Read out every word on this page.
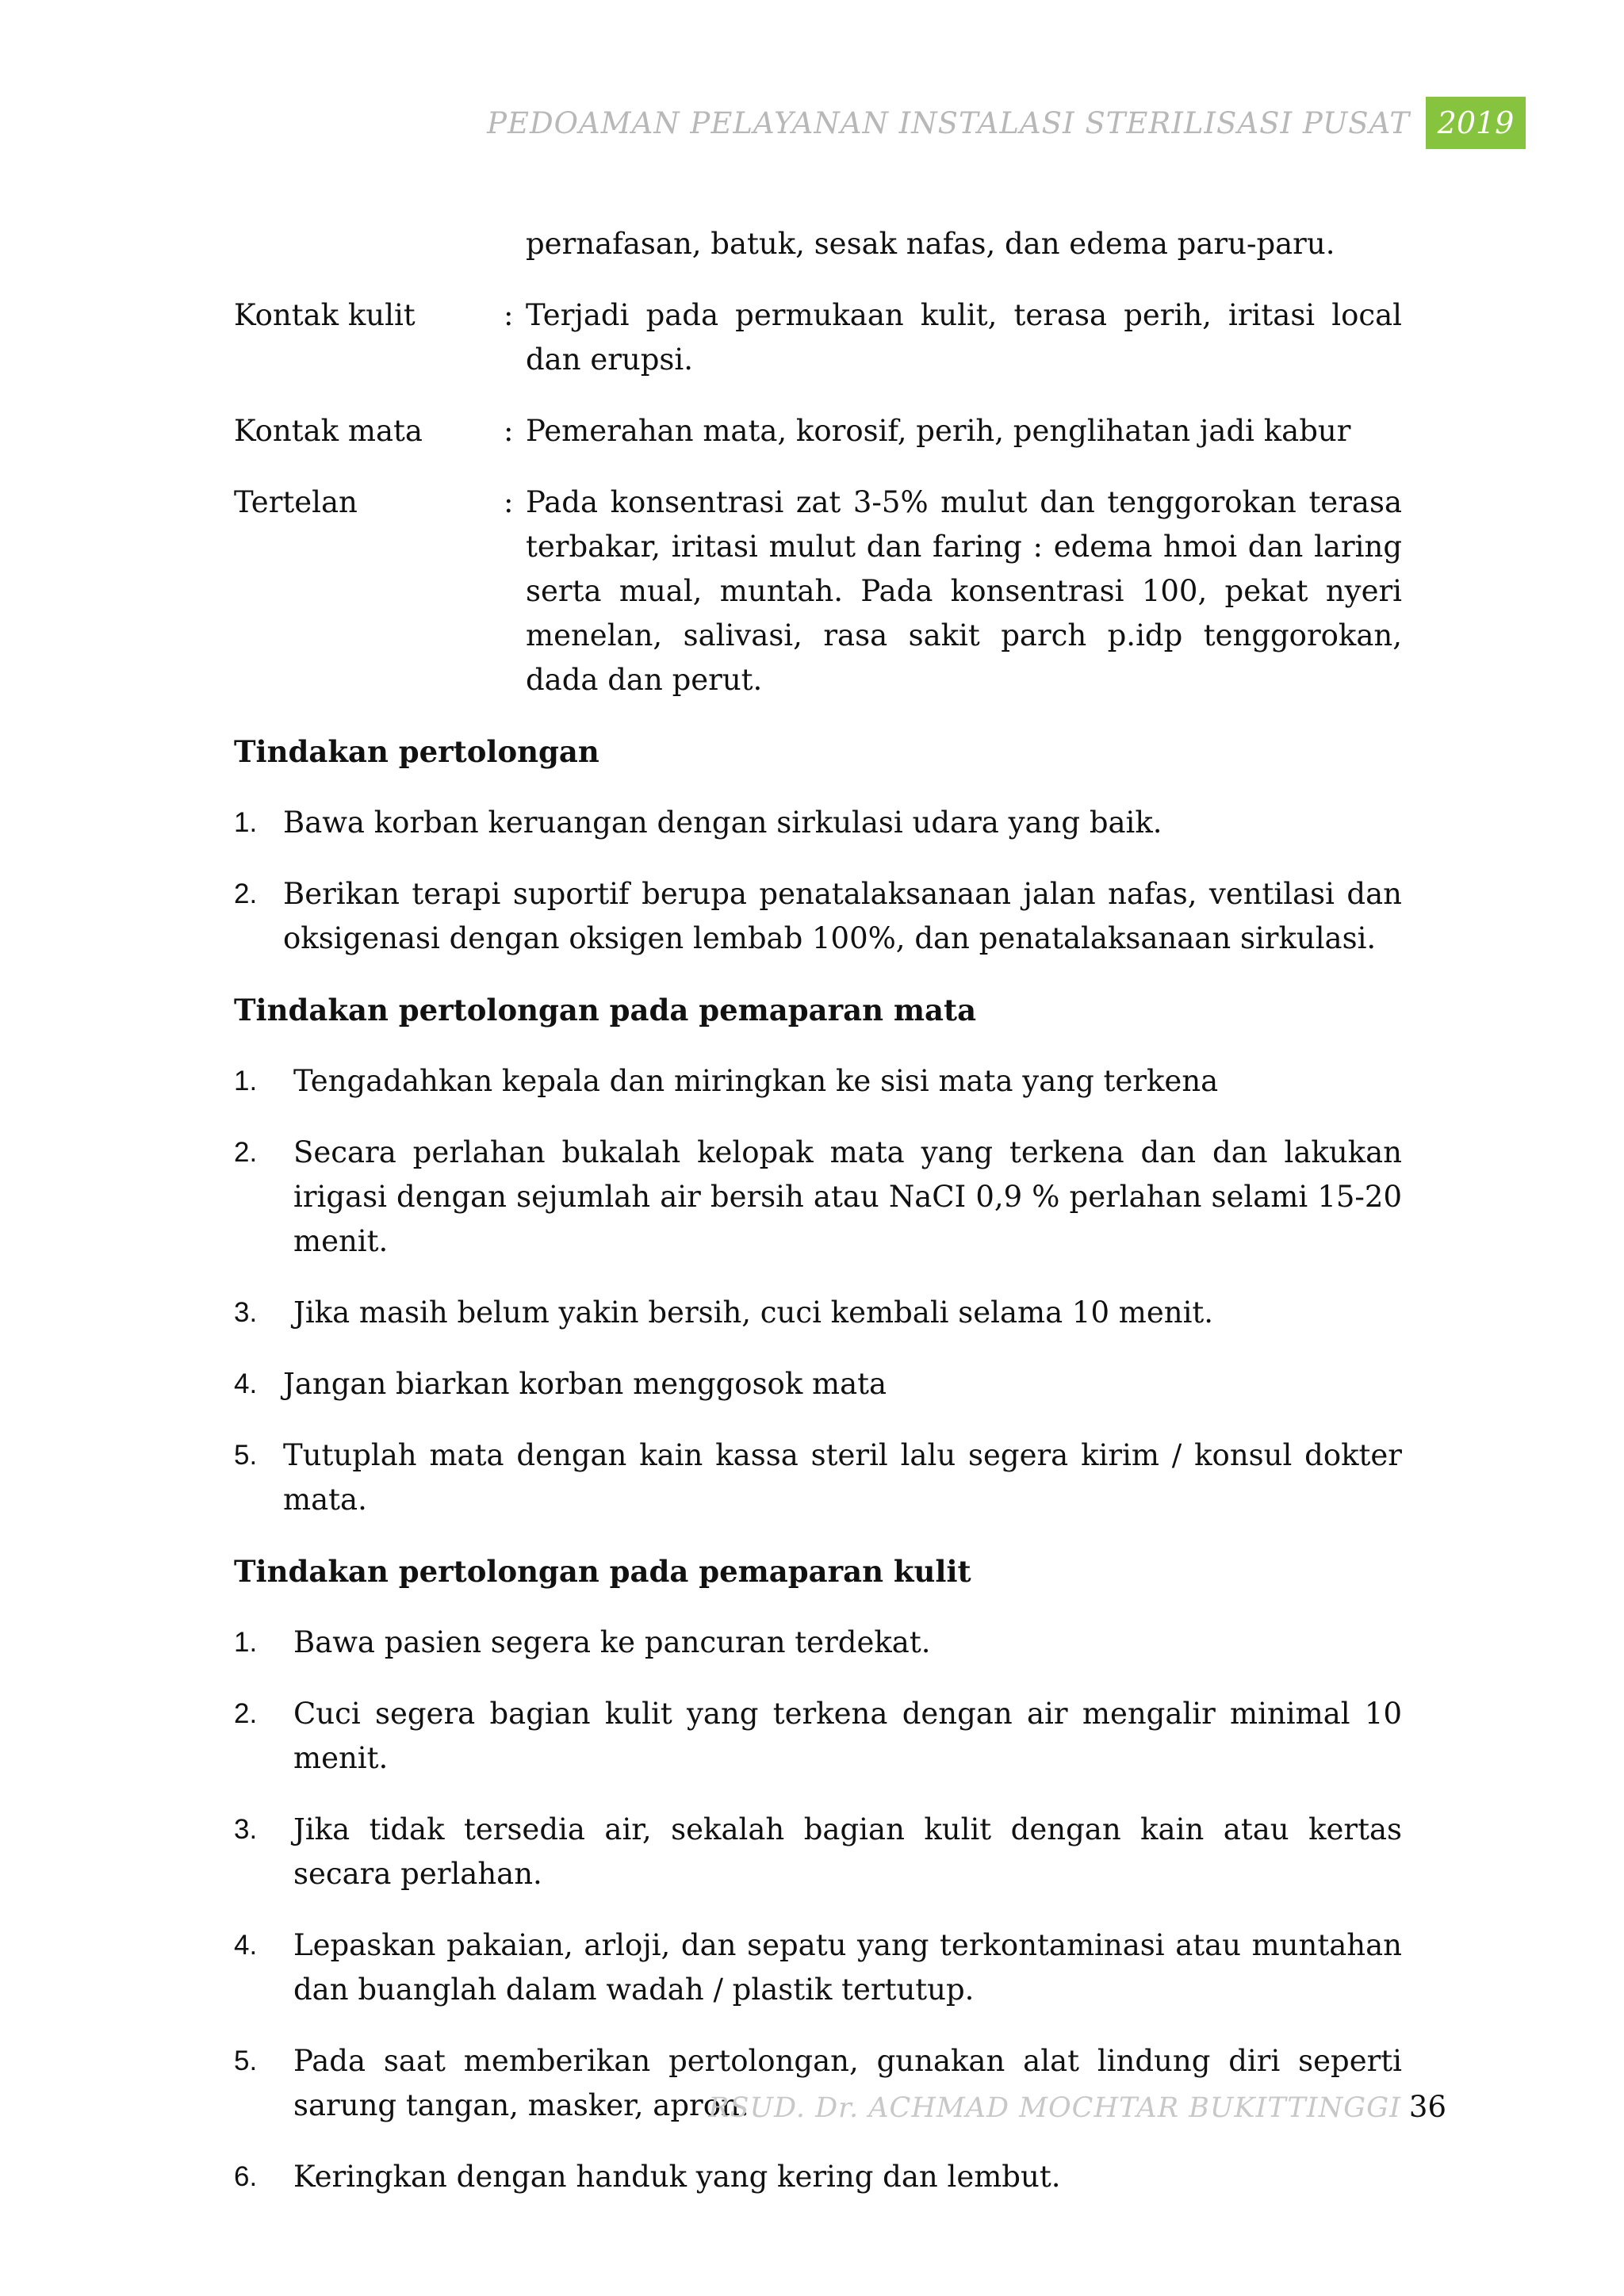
PEDOAMAN PELAYANAN INSTALASI STERILISASI PUSAT 2019
pernafasan, batuk, sesak nafas, dan edema paru-paru.
Kontak kulit	: Terjadi pada permukaan kulit, terasa perih, iritasi local dan erupsi.
Kontak mata	: Pemerahan mata, korosif, perih, penglihatan jadi kabur
Tertelan	: Pada konsentrasi zat 3-5% mulut dan tenggorokan terasa terbakar, iritasi mulut dan faring : edema hmoi dan laring serta mual, muntah. Pada konsentrasi 100, pekat nyeri menelan, salivasi, rasa sakit parch p.idp tenggorokan, dada dan perut.
Tindakan pertolongan
1. Bawa korban keruangan dengan sirkulasi udara yang baik.
2. Berikan terapi suportif berupa penatalaksanaan jalan nafas, ventilasi dan oksigenasi dengan oksigen lembab 100%, dan penatalaksanaan sirkulasi.
Tindakan pertolongan pada pemaparan mata
1.	Tengadahkan kepala dan miringkan ke sisi mata yang terkena
2.	Secara perlahan bukalah kelopak mata yang terkena dan dan lakukan irigasi dengan sejumlah air bersih atau NaCI 0,9 % perlahan selami 15-20 menit.
3.	Jika masih belum yakin bersih, cuci kembali selama 10 menit.
4. Jangan biarkan korban menggosok mata
5. Tutuplah mata dengan kain kassa steril lalu segera kirim / konsul dokter mata.
Tindakan pertolongan pada pemaparan kulit
1.	Bawa pasien segera ke pancuran terdekat.
2.	Cuci segera bagian kulit yang terkena dengan air mengalir minimal 10 menit.
3.	Jika tidak tersedia air, sekalah bagian kulit dengan kain atau kertas secara perlahan.
4.	Lepaskan pakaian, arloji, dan sepatu yang terkontaminasi atau muntahan dan buanglah dalam wadah / plastik tertutup.
5.	Pada saat memberikan pertolongan, gunakan alat lindung diri seperti sarung tangan, masker, apron.
6.	Keringkan dengan handuk yang kering dan lembut.
RSUD. Dr. ACHMAD MOCHTAR BUKITTINGGI 36
